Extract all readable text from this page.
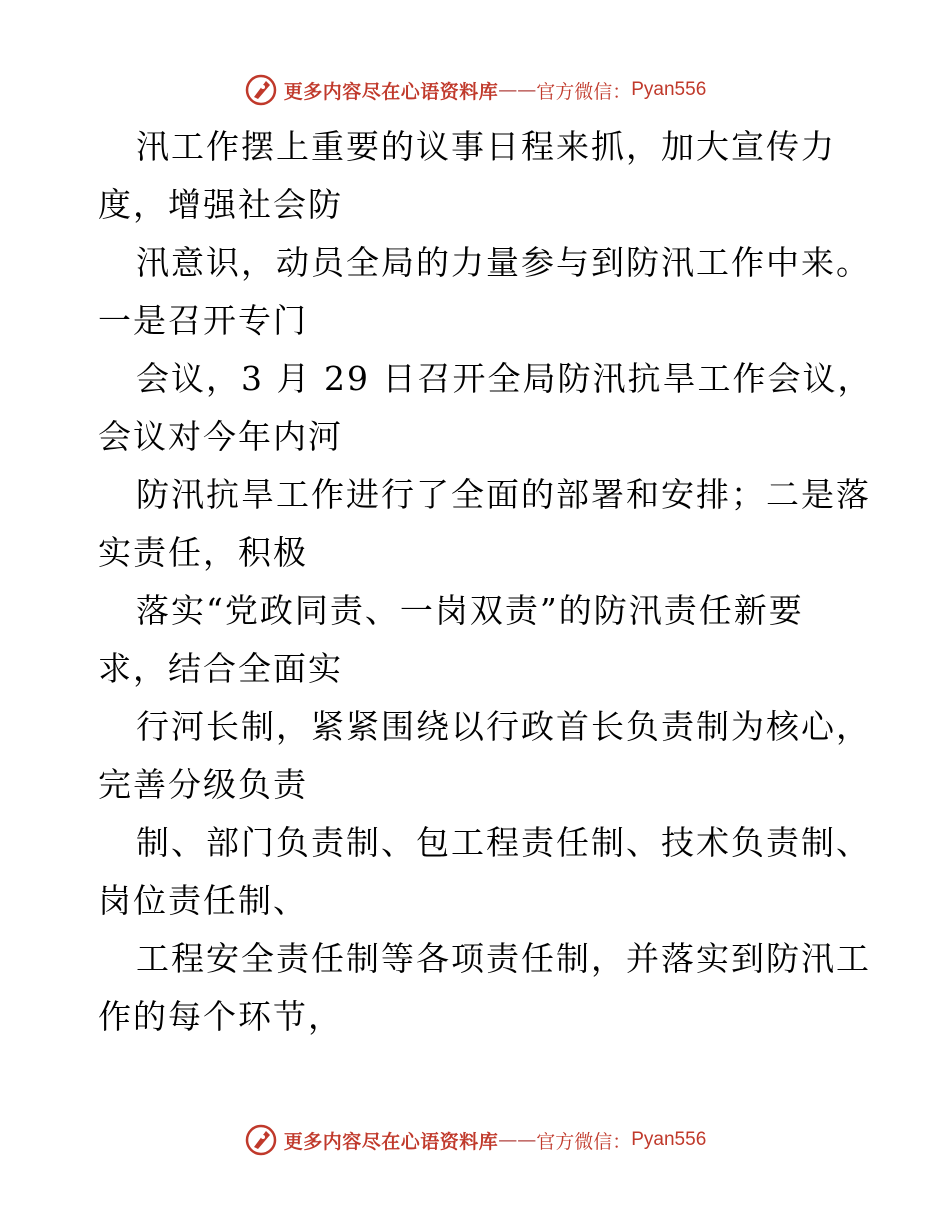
更多内容尽在心语资料库 —— 官方微信： Pyan556
汛工作摆上重要的议事日程来抓，加大宣传力
度，增强社会防
汛意识，动员全局的力量参与到防汛工作中来。
一是召开专门
会议，3 月 29 日召开全局防汛抗旱工作会议，
会议对今年内河
防汛抗旱工作进行了全面的部署和安排；二是落
实责任，积极
落实“党政同责、一岗双责”的防汛责任新要
求，结合全面实
行河长制，紧紧围绕以行政首长负责制为核心，
完善分级负责
制、部门负责制、包工程责任制、技术负责制、
岗位责任制、
工程安全责任制等各项责任制，并落实到防汛工
作的每个环节，
更多内容尽在心语资料库 —— 官方微信： Pyan556
